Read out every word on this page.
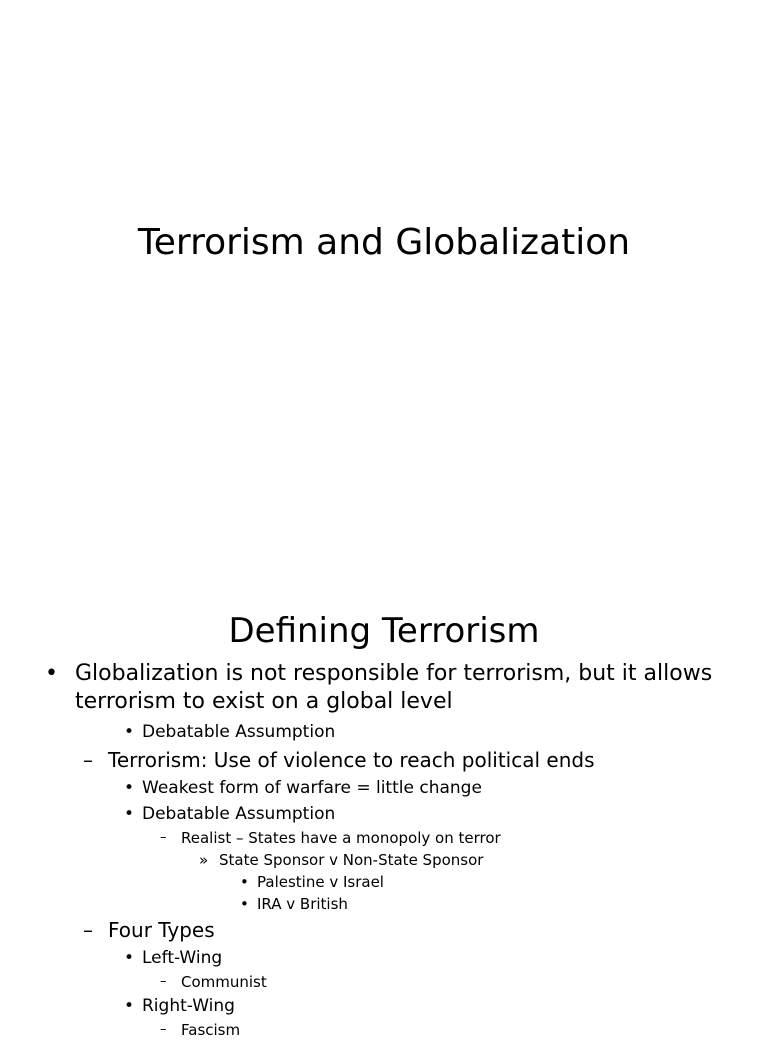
Terrorism and Globalization
Defining Terrorism
• Globalization is not responsible for terrorism, but it allows terrorism to exist on a global level
• Debatable Assumption
– Terrorism: Use of violence to reach political ends
• Weakest form of warfare = little change
• Debatable Assumption
– Realist – States have a monopoly on terror
» State Sponsor v Non-State Sponsor
• Palestine v Israel
• IRA v British
– Four Types
• Left-Wing
– Communist
• Right-Wing
– Fascism
